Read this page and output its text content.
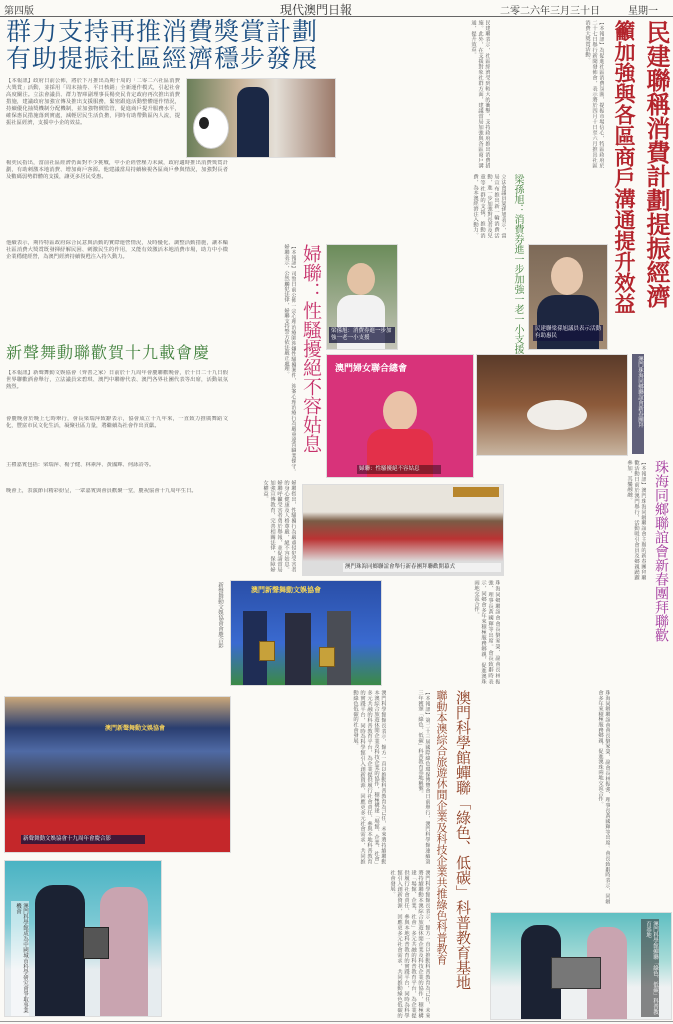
第四版	現代澳門日報	二零二六年三月三十日	星期一
群力支持再推消費獎賞計劃
有助提振社區經濟穩步發展
【本報訊】政府日前公佈，將於下月推出為期十周的「二零二六社區消費大獎賞」活動，並採用「周末抽券、平日核銷」全新運作模式，引起社會高度關注。立法會議員、群力智庫副理事長楊奕民肯定政府再次推出消費措施，建議政府加強宣傳及推出支援服務，緊密跟進活動整體運作情況，持續優化抽獎機制分配機制，並加強物價監管，促進商戶提升服務水平，確保惠民措施落到實處，減輕居民生活負擔，同時有助帶動區內人流，提振社區經濟，支援中小企的效益。
楊奕民指出，當前社區經濟仍面對不少挑戰，中小企經營壓力未減，政府適時推出消費獎賞計劃，有助刺激本地消費、增加商戶客源。他建議當局持續檢視各區商戶參與情況，加強對長者及數碼弱勢群體的支援，讓更多居民受惠。
他續表示，期待特區政府綜合民意與活動的實際運營情況，及時優化、調整活動措施，讓本輪社區消費大獎賞既發揮紓解民困、刺激民生的作用，又能有效激活本地消費市場，助力中小微企業穩健經營，為澳門經濟持續復甦注入持久動力。
民建聯表示，社區經濟受到較大的衝擊，支持政府推出消費措施。此外，在支援對象社群方面，建議當局加強與各區商戶溝通，提升效益。	【本報訊】為促進社區消費氛圍，提振市場信心，特區政府於二十七日舉行新聞發佈會，表示將於四月十日至六月推出社區消費大獎賞活動。	民建聯稱消費計劃提振經濟
籲加強與各區商戶溝通提升效益
梁孫旭：消費券進一步加強一老一小支援
立法會議員梁孫旭表示，當局宣布推出新一輪消費活動，進一步加強對長者及兒童等社群的支援，推動消費，為本澳經濟注入動力。
民建聯梁孫旭議員表示活動有助惠民
婦聯：性騷擾絕不容姑息
【本報訊】司警日前公佈一宗心理治療師涉嫌性騷擾案件，涉案心理治療行為嚴重違背職業操守。婦聯表示，公然觸犯法律，婦聯支持警方依法嚴正處理。	梁孫旭：消費券進一步加強一老一小支援
澳門婦女聯合總會
婦聯：性騷擾絕不容姑息
澳門珠海同鄉聯誼會新春團拜
珠海同鄉聯誼會新春團拜聯歡
【本報訊】澳門珠海同鄉聯誼會主辦的新春團拜聯歡活動日前於澳門舉行，活動吸引會員及鄉親踴躍參加，其樂融融。
婦聯指出，性騷擾行為嚴重侵犯受害者的身心健康及人格尊嚴，絕不容姑息。婦聯呼籲受害者勇於舉報，並促請當局加強宣傳教育，完善相關法律，保障婦女權益。
澳門珠海同鄉聯誼會舉行新春團拜聯歡開幕式
新聲舞動聯歡賀十九載會慶
【本報訊】新聲舞動文娛協會（齊善之家）日前於十九周年會慶聯歡晚會，於十日二十九日假世界聯歡酒會舉行，立法議員宋碧琪、澳門中聯辦代表、澳門各界社團代表等出席，活動氣氛熱烈。
會慶晚會於晚上七時舉行，會長梁瑞萍致辭表示，協會成立十九年來，一直致力推廣舞蹈文化，豐富市民文化生活，凝聚社區力量，將繼續為社會作出貢獻。
主禮嘉賓包括：梁瑞萍、楊子健、林素萍、黃國輝、何詠詩等。
晚會上，表演節目精彩紛呈，一眾嘉賓與會員歡聚一堂，慶祝協會十九周年生日。
新聲舞動文娛協會會慶合影	澳門新聲舞動文娛協會	珠海同鄉聯誼會會長劉家榮、副會長林振強、理事長黃國輝等出席。會長致辭時表示，同鄉會多年來積極服務鄉親，促進澳珠兩地交流合作。
澳門新聲舞動文娛協會
新聲舞動文娛協會十九周年會慶合影	澳門科學館館長表示，館方一直以推動科普教育為己任，未來將持續聯動本澳綜合旅遊休閒企業及科技企業的協作，積極構建「場館、企業、社會」多元共融的科普教育平台，為企業提供履行社會責任、參與本地科普教育的實踐平台，同時為科學館引入創新資源，回應更多元社會需求，共同推動綠色低碳的社會發展。	【本報訊】第二十三屆國際綠色環保博覽會日前舉行，澳門科學館連續第三年獲頒「綠色、低碳」科普教育基地稱號。	聯動本澳綜合旅遊休閒企業及科技企業共推綠色科普教育 澳門科學館蟬聯「綠色、低碳」科普教育基地	珠海同鄉聯誼會會長劉家榮、副會長林振強、理事長黃國輝等出席。會長致辭時表示，同鄉會多年來積極服務鄉親，促進澳珠兩地交流合作。
澳門科學館成為中國城市科學研究會爭取事業機會	澳門科學館館長表示，館方一直以推動科普教育為己任，未來將持續聯動本澳綜合旅遊休閒企業及科技企業的協作，積極構建「場館、企業、社會」多元共融的科普教育平台，為企業提供履行社會責任、參與本地科普教育的實踐平台，同時為科學館引入創新資源，回應更多元社會需求，共同推動綠色低碳的社會發展。
澳門科學館蟬聯「綠色、低碳」科普教育基地
